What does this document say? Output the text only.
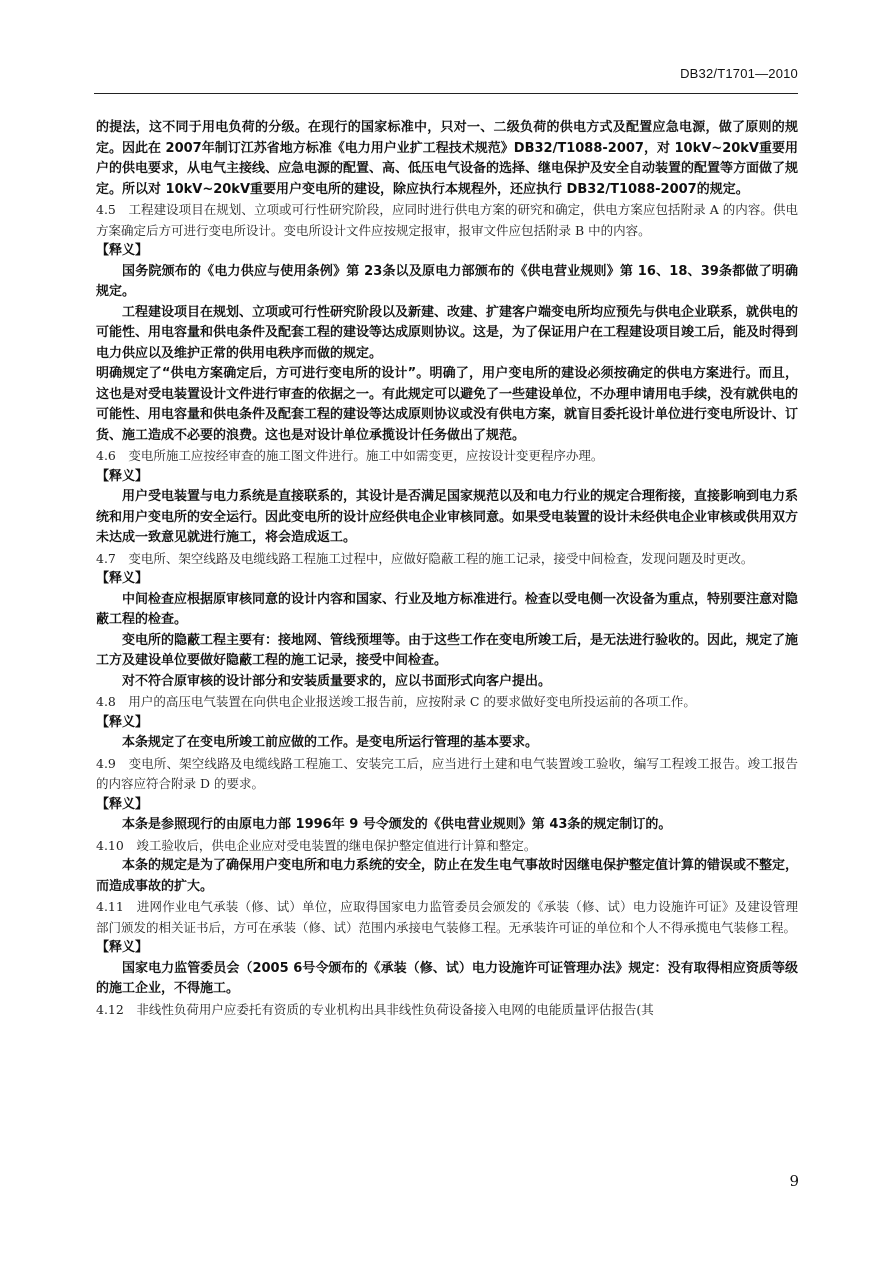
DB32/T1701—2010

的提法，这不同于用电负荷的分级。在现行的国家标准中，只对一、二级负荷的供电方式及配置应急电源，做了原则的规定。因此在 2007年制订江苏省地方标准《电力用户业扩工程技术规范》DB32/T1088-2007，对 10kV~20kV重要用户的供电要求，从电气主接线、应急电源的配置、高、低压电气设备的选择、继电保护及安全自动装置的配置等方面做了规定。所以对 10kV~20kV重要用户变电所的建设，除应执行本规程外，还应执行 DB32/T1088-2007的规定。

4.5　工程建设项目在规划、立项或可行性研究阶段，应同时进行供电方案的研究和确定，供电方案应包括附录 A 的内容。供电方案确定后方可进行变电所设计。变电所设计文件应按规定报审，报审文件应包括附录 B 中的内容。

【释义】

国务院颁布的《电力供应与使用条例》第 23条以及原电力部颁布的《供电营业规则》第 16、18、39条都做了明确规定。

工程建设项目在规划、立项或可行性研究阶段以及新建、改建、扩建客户端变电所均应预先与供电企业联系，就供电的可能性、用电容量和供电条件及配套工程的建设等达成原则协议。这是，为了保证用户在工程建设项目竣工后，能及时得到电力供应以及维护正常的供用电秩序而做的规定。

明确规定了“供电方案确定后，方可进行变电所的设计”。明确了，用户变电所的建设必须按确定的供电方案进行。而且，这也是对受电装置设计文件进行审查的依据之一。有此规定可以避免了一些建设单位，不办理申请用电手续，没有就供电的可能性、用电容量和供电条件及配套工程的建设等达成原则协议或没有供电方案，就盲目委托设计单位进行变电所设计、订货、施工造成不必要的浪费。这也是对设计单位承揽设计任务做出了规范。

4.6　变电所施工应按经审查的施工图文件进行。施工中如需变更，应按设计变更程序办理。

【释义】

用户受电装置与电力系统是直接联系的，其设计是否满足国家规范以及和电力行业的规定合理衔接，直接影响到电力系统和用户变电所的安全运行。因此变电所的设计应经供电企业审核同意。如果受电装置的设计未经供电企业审核或供用双方未达成一致意见就进行施工，将会造成返工。

4.7　变电所、架空线路及电缆线路工程施工过程中，应做好隐蔽工程的施工记录，接受中间检查，发现问题及时更改。

【释义】

中间检查应根据原审核同意的设计内容和国家、行业及地方标准进行。检查以受电侧一次设备为重点，特别要注意对隐蔽工程的检查。

变电所的隐蔽工程主要有：接地网、管线预埋等。由于这些工作在变电所竣工后，是无法进行验收的。因此，规定了施工方及建设单位要做好隐蔽工程的施工记录，接受中间检查。

对不符合原审核的设计部分和安装质量要求的，应以书面形式向客户提出。

4.8　用户的高压电气装置在向供电企业报送竣工报告前，应按附录 C 的要求做好变电所投运前的各项工作。

【释义】

本条规定了在变电所竣工前应做的工作。是变电所运行管理的基本要求。

4.9　变电所、架空线路及电缆线路工程施工、安装完工后，应当进行土建和电气装置竣工验收，编写工程竣工报告。竣工报告的内容应符合附录 D 的要求。

【释义】

本条是参照现行的由原电力部 1996年 9 号令颁发的《供电营业规则》第 43条的规定制订的。

4.10　竣工验收后，供电企业应对受电装置的继电保护整定值进行计算和整定。

本条的规定是为了确保用户变电所和电力系统的安全，防止在发生电气事故时因继电保护整定值计算的错误或不整定，而造成事故的扩大。

4.11　进网作业电气承装（修、试）单位，应取得国家电力监管委员会颁发的《承装（修、试）电力设施许可证》及建设管理部门颁发的相关证书后，方可在承装（修、试）范围内承接电气装修工程。无承装许可证的单位和个人不得承揽电气装修工程。

【释义】

国家电力监管委员会（2005 6号令颁布的《承装（修、试）电力设施许可证管理办法》规定：没有取得相应资质等级的施工企业，不得施工。

4.12　非线性负荷用户应委托有资质的专业机构出具非线性负荷设备接入电网的电能质量评估报告(其

9
